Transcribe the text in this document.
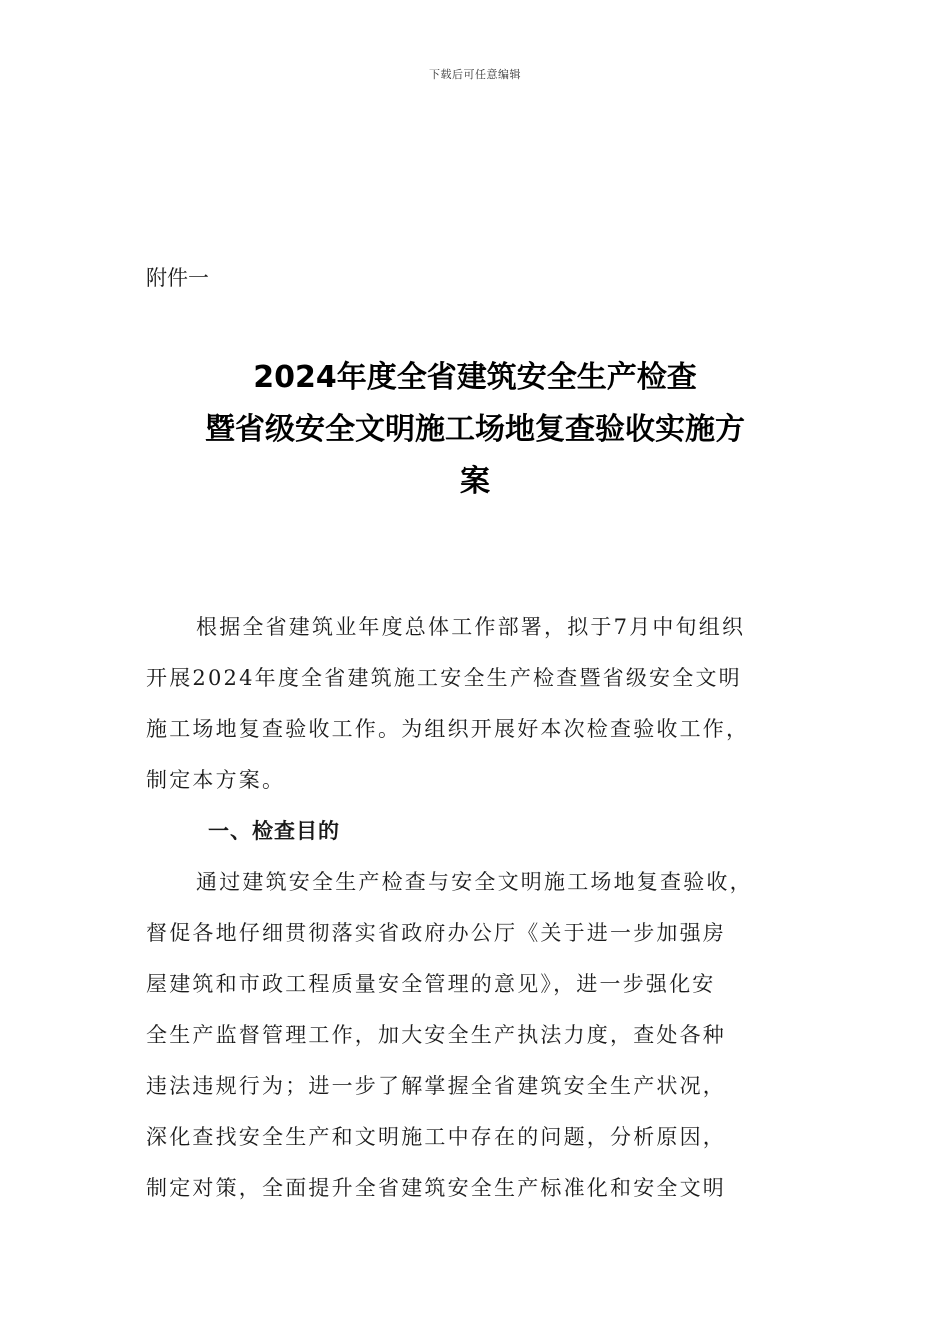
下载后可任意编辑
附件一
2024年度全省建筑安全生产检查
暨省级安全文明施工场地复查验收实施方
案
根据全省建筑业年度总体工作部署，拟于7月中旬组织
开展2024年度全省建筑施工安全生产检查暨省级安全文明
施工场地复查验收工作。为组织开展好本次检查验收工作，
制定本方案。
一、检查目的
通过建筑安全生产检查与安全文明施工场地复查验收，
督促各地仔细贯彻落实省政府办公厅《关于进一步加强房
屋建筑和市政工程质量安全管理的意见》，进一步强化安
全生产监督管理工作，加大安全生产执法力度，查处各种
违法违规行为；进一步了解掌握全省建筑安全生产状况，
深化查找安全生产和文明施工中存在的问题，分析原因，
制定对策，全面提升全省建筑安全生产标准化和安全文明
